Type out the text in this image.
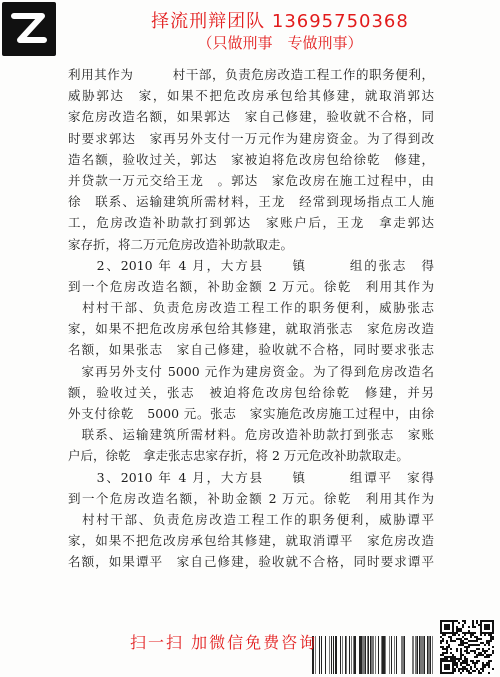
择流刑辩团队 13695750368
（只做刑事　专做刑事）
利用其作为　　　村干部，负责危房改造工程工作的职务便利，
威胁郭达　家，如果不把危改房承包给其修建，就取消郭达
家危房改造名额，如果郭达　家自己修建，验收就不合格，同
时要求郭达　家再另外支付一万元作为建房资金。为了得到改
造名额，验收过关，郭达　家被迫将危改房包给徐乾　修建，
并贷款一万元交给王龙　。郭达　家危改房在施工过程中，由
徐　联系、运输建筑所需材料，王龙　经常到现场指点工人施
工，危房改造补助款打到郭达　家账户后，王龙　拿走郭达
家存折，将二万元危房改造补助款取走。
　　2、2010 年 4 月，大方县　　镇　　　组的张志　得
到一个危房改造名额，补助金额 2 万元。徐乾　利用其作为
　村村干部、负责危房改造工程工作的职务便利，威胁张志
家，如果不把危改房承包给其修建，就取消张志　家危房改造
名额，如果张志　家自己修建，验收就不合格，同时要求张志
　家再另外支付 5000 元作为建房资金。为了得到危房改造名
额，验收过关，张志　被迫将危改房包给徐乾　修建，并另
外支付徐乾　5000 元。张志　家实施危改房施工过程中，由徐
　联系、运输建筑所需材料。危房改造补助款打到张志　家账
户后，徐乾　拿走张志忠家存折，将 2 万元危改补助款取走。
　　3、2010 年 4 月，大方县　　镇　　　组谭平　家得
到一个危房改造名额，补助金额 2 万元。徐乾　利用其作为
　村村干部、负责危房改造工程工作的职务便利，威胁谭平
家，如果不把危改房承包给其修建，就取消谭平　家危房改造
名额，如果谭平　家自己修建，验收就不合格，同时要求谭平
扫一扫 加微信免费咨询
